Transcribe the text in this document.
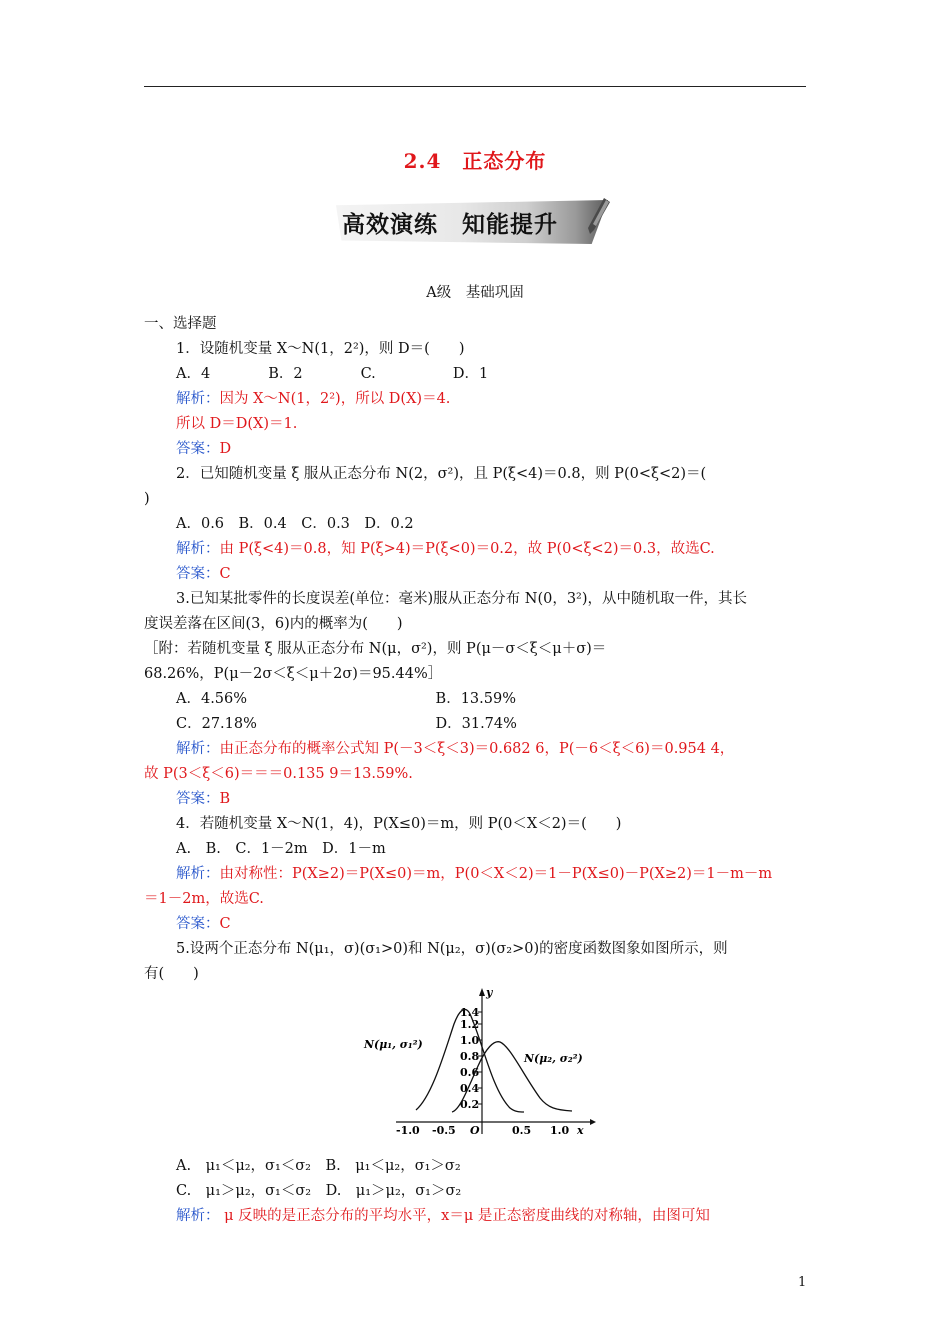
2.4　正态分布
高效演练　知能提升
A级　基础巩固
一、选择题
1．设随机变量 X～N(1，2²)，则 D＝(　　)
A．4　　　　B．2　　　　C.　　　　　 D．1
解析：因为 X～N(1，2²)，所以 D(X)＝4.
所以 D＝D(X)＝1.
答案：D
2．已知随机变量 ξ 服从正态分布 N(2，σ²)，且 P(ξ<4)＝0.8，则 P(0<ξ<2)＝(
)
A．0.6　B．0.4　C．0.3　D．0.2
解析：由 P(ξ<4)＝0.8，知 P(ξ>4)＝P(ξ<0)＝0.2，故 P(0<ξ<2)＝0.3，故选C.
答案：C
3.已知某批零件的长度误差(单位：毫米)服从正态分布 N(0，3²)，从中随机取一件，其长
度误差落在区间(3，6)内的概率为(　　)
［附：若随机变量 ξ 服从正态分布 N(μ，σ²)，则 P(μ－σ＜ξ＜μ＋σ)＝
68.26%，P(μ－2σ＜ξ＜μ＋2σ)＝95.44%］
A．4.56%　　　　　　　　　　　　　B．13.59%
C．27.18%　　　　　　　　　　　　 D．31.74%
解析：由正态分布的概率公式知 P(－3＜ξ＜3)＝0.682 6，P(－6＜ξ＜6)＝0.954 4，
故 P(3＜ξ＜6)＝＝＝0.135 9＝13.59%.
答案：B
4．若随机变量 X～N(1，4)，P(X≤0)＝m，则 P(0＜X＜2)＝(　　)
A.　B.　C．1－2m　D．1－m
解析：由对称性：P(X≥2)＝P(X≤0)＝m，P(0＜X＜2)＝1－P(X≤0)－P(X≥2)＝1－m－m
＝1－2m，故选C.
答案：C
5.设两个正态分布 N(μ₁，σ)(σ₁>0)和 N(μ₂，σ)(σ₂>0)的密度函数图象如图所示，则
有(　　)
A.　μ₁＜μ₂，σ₁＜σ₂　B.　μ₁＜μ₂，σ₁＞σ₂
C.　μ₁＞μ₂，σ₁＜σ₂　D.　μ₁＞μ₂，σ₁＞σ₂
解析： μ 反映的是正态分布的平均水平，x＝μ 是正态密度曲线的对称轴，由图可知
y
x
1.4
1.2
1.0
0.8
0.6
0.4
0.2
-1.0 -0.5 O	0.5 1.0
N(μ₁, σ₁²)
N(μ₂, σ₂²)
1
